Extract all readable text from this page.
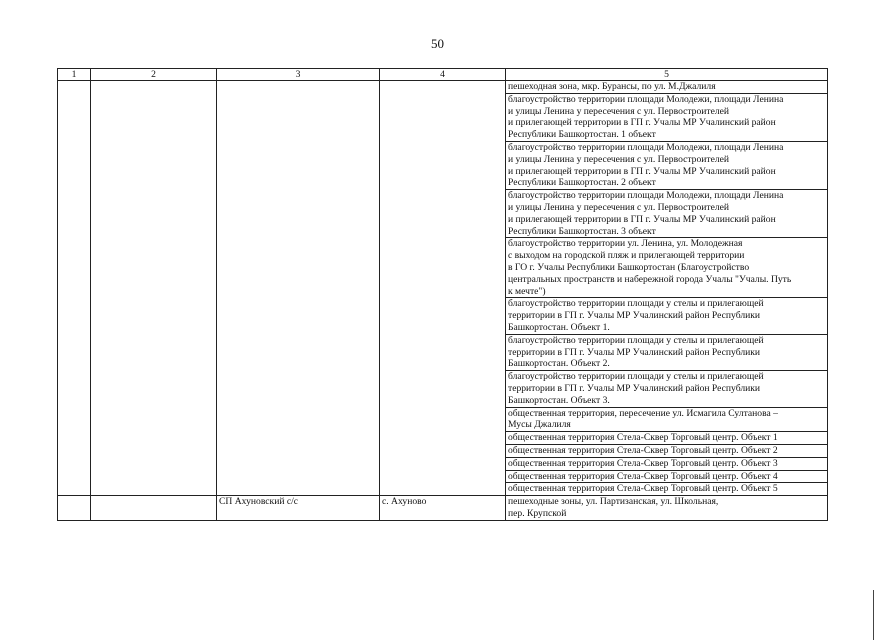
50
1	2	3	4	5
				пешеходная зона, мкр. Бурансы, по ул. М.Джалиля
				благоустройство территории площади Молодежи, площади Ленина
и улицы Ленина у пересечения с ул. Первостроителей
и прилегающей территории в ГП г. Учалы МР Учалинский район
Республики Башкортостан. 1 объект
				благоустройство территории площади Молодежи, площади Ленина
и улицы Ленина у пересечения с ул. Первостроителей
и прилегающей территории в ГП г. Учалы МР Учалинский район
Республики Башкортостан. 2 объект
				благоустройство территории площади Молодежи, площади Ленина
и улицы Ленина у пересечения с ул. Первостроителей
и прилегающей территории в ГП г. Учалы МР Учалинский район
Республики Башкортостан. 3 объект
				благоустройство территории ул. Ленина, ул. Молодежная
с выходом на городской пляж и прилегающей территории
в ГО г. Учалы Республики Башкортостан (Благоустройство
центральных пространств и набережной города Учалы "Учалы. Путь
к мечте")
				благоустройство территории площади у стелы и прилегающей
территории в ГП г. Учалы МР Учалинский район Республики
Башкортостан. Объект 1.
				благоустройство территории площади у стелы и прилегающей
территории в ГП г. Учалы МР Учалинский район Республики
Башкортостан. Объект 2.
				благоустройство территории площади у стелы и прилегающей
территории в ГП г. Учалы МР Учалинский район Республики
Башкортостан. Объект 3.
				общественная территория, пересечение ул. Исмагила Султанова –
Мусы Джалиля
				общественная территория Стела-Сквер Торговый центр. Объект 1
				общественная территория Стела-Сквер Торговый центр. Объект 2
				общественная территория Стела-Сквер Торговый центр. Объект 3
				общественная территория Стела-Сквер Торговый центр. Объект 4
				общественная территория Стела-Сквер Торговый центр. Объект 5
		СП Ахуновский с/с	с. Ахуново	пешеходные зоны, ул. Партизанская, ул. Школьная,
пер. Крупской
